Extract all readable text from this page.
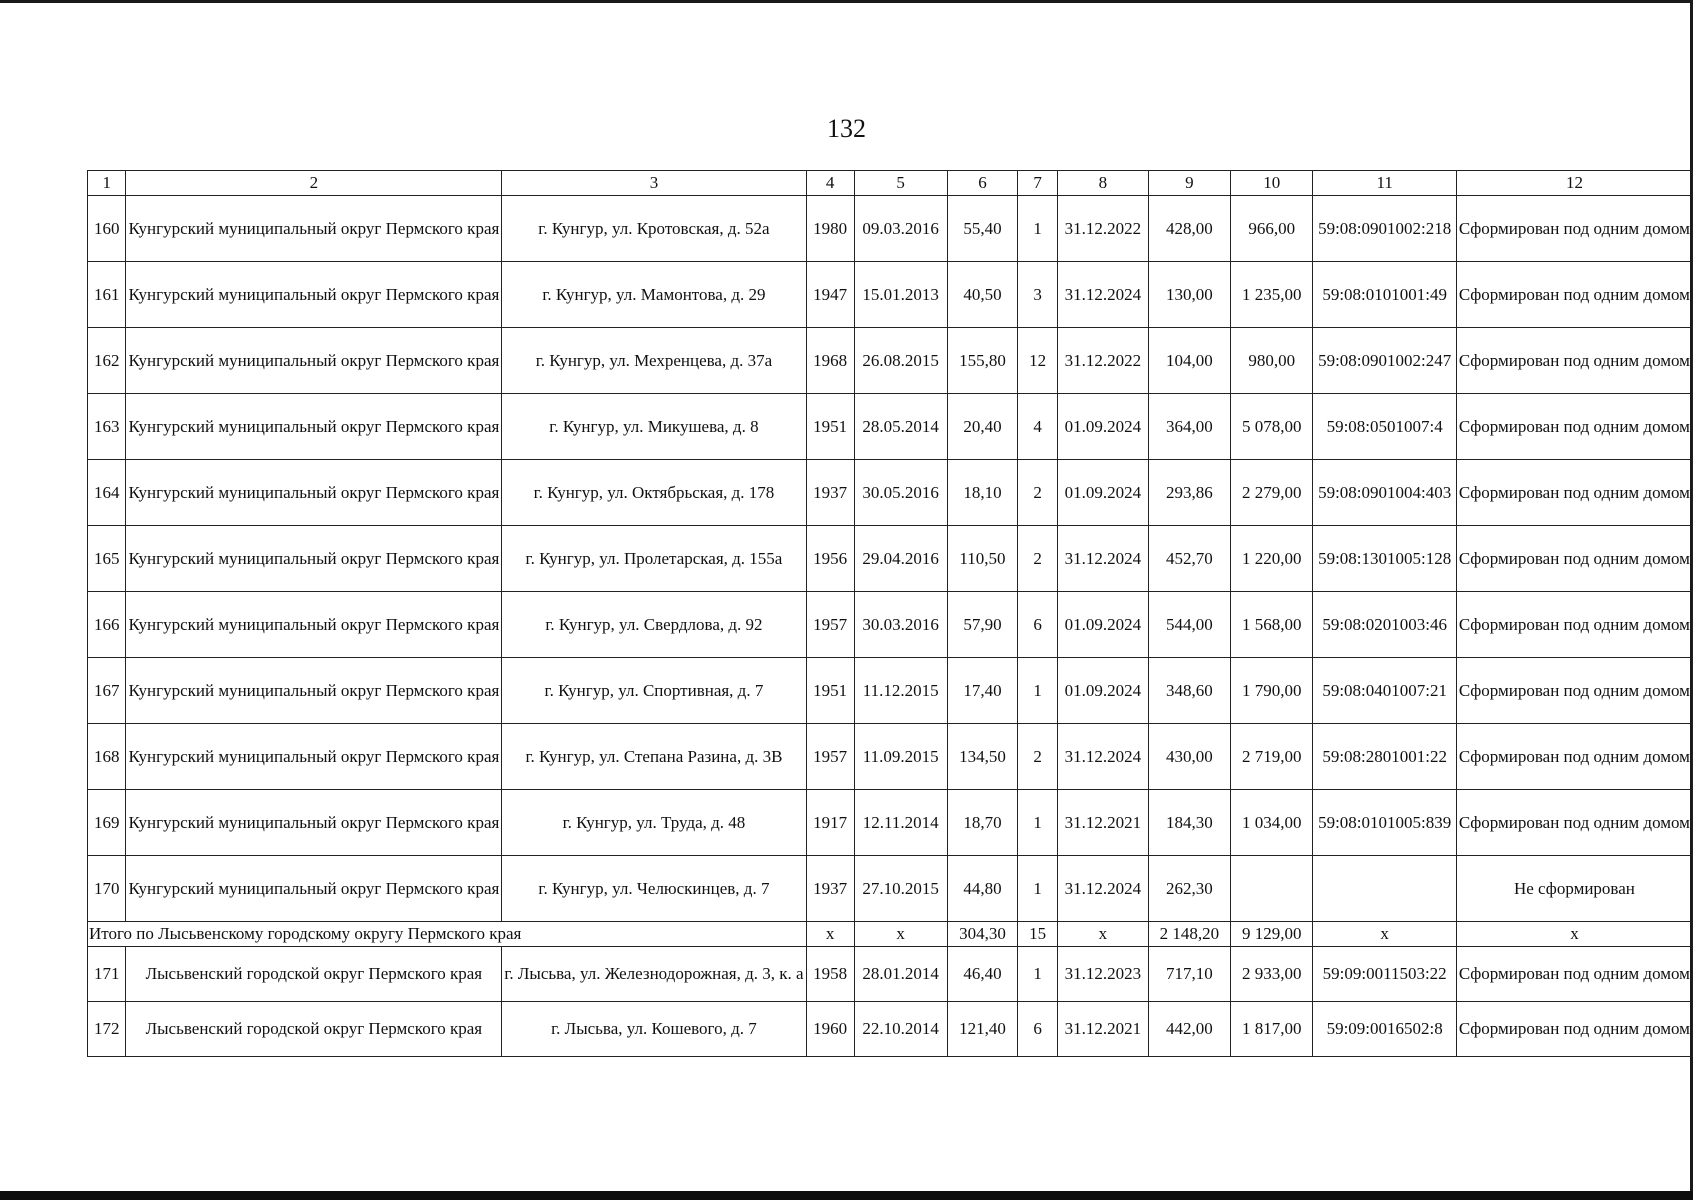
132
1	2	3	4	5	6	7	8	9	10	11	12
160	Кунгурский муниципальный округ Пермского края	г. Кунгур, ул. Кротовская, д. 52а	1980	09.03.2016	55,40	1	31.12.2022	428,00	966,00	59:08:0901002:218	Сформирован под одним домом
161	Кунгурский муниципальный округ Пермского края	г. Кунгур, ул. Мамонтова, д. 29	1947	15.01.2013	40,50	3	31.12.2024	130,00	1 235,00	59:08:0101001:49	Сформирован под одним домом
162	Кунгурский муниципальный округ Пермского края	г. Кунгур, ул. Мехренцева, д. 37а	1968	26.08.2015	155,80	12	31.12.2022	104,00	980,00	59:08:0901002:247	Сформирован под одним домом
163	Кунгурский муниципальный округ Пермского края	г. Кунгур, ул. Микушева, д. 8	1951	28.05.2014	20,40	4	01.09.2024	364,00	5 078,00	59:08:0501007:4	Сформирован под одним домом
164	Кунгурский муниципальный округ Пермского края	г. Кунгур, ул. Октябрьская, д. 178	1937	30.05.2016	18,10	2	01.09.2024	293,86	2 279,00	59:08:0901004:403	Сформирован под одним домом
165	Кунгурский муниципальный округ Пермского края	г. Кунгур, ул. Пролетарская, д. 155а	1956	29.04.2016	110,50	2	31.12.2024	452,70	1 220,00	59:08:1301005:128	Сформирован под одним домом
166	Кунгурский муниципальный округ Пермского края	г. Кунгур, ул. Свердлова, д. 92	1957	30.03.2016	57,90	6	01.09.2024	544,00	1 568,00	59:08:0201003:46	Сформирован под одним домом
167	Кунгурский муниципальный округ Пермского края	г. Кунгур, ул. Спортивная, д. 7	1951	11.12.2015	17,40	1	01.09.2024	348,60	1 790,00	59:08:0401007:21	Сформирован под одним домом
168	Кунгурский муниципальный округ Пермского края	г. Кунгур, ул. Степана Разина, д. 3В	1957	11.09.2015	134,50	2	31.12.2024	430,00	2 719,00	59:08:2801001:22	Сформирован под одним домом
169	Кунгурский муниципальный округ Пермского края	г. Кунгур, ул. Труда, д. 48	1917	12.11.2014	18,70	1	31.12.2021	184,30	1 034,00	59:08:0101005:839	Сформирован под одним домом
170	Кунгурский муниципальный округ Пермского края	г. Кунгур, ул. Челюскинцев, д. 7	1937	27.10.2015	44,80	1	31.12.2024	262,30			Не сформирован
Итого по Лысьвенскому городскому округу Пермского края			х	х	304,30	15	х	2 148,20	9 129,00	х	х
171	Лысьвенский городской округ Пермского края	г. Лысьва, ул. Железнодорожная, д. 3, к. а	1958	28.01.2014	46,40	1	31.12.2023	717,10	2 933,00	59:09:0011503:22	Сформирован под одним домом
172	Лысьвенский городской округ Пермского края	г. Лысьва, ул. Кошевого, д. 7	1960	22.10.2014	121,40	6	31.12.2021	442,00	1 817,00	59:09:0016502:8	Сформирован под одним домом
